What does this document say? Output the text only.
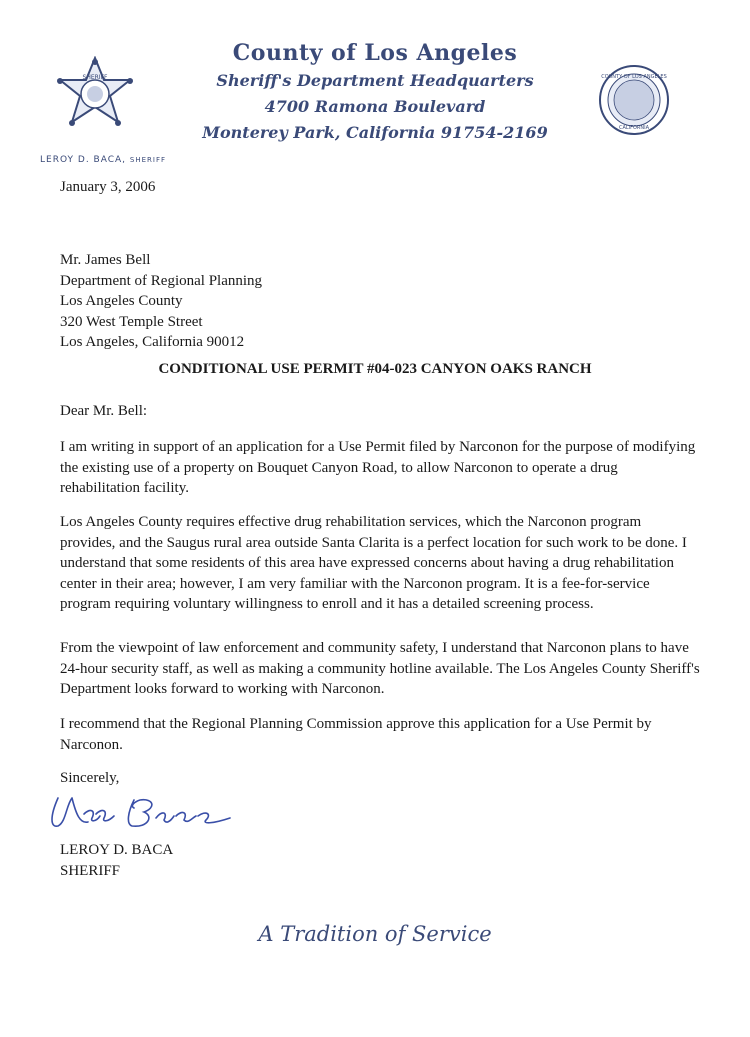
SHERIFF
LEROY D. BACA, SHERIFF
County of Los Angeles
Sheriff's Department Headquarters
4700 Ramona Boulevard
Monterey Park, California 91754-2169
COUNTY OF LOS ANGELES
CALIFORNIA
January 3, 2006
Mr. James Bell
Department of Regional Planning
Los Angeles County
320 West Temple Street
Los Angeles, California 90012
CONDITIONAL USE PERMIT #04-023 CANYON OAKS RANCH
Dear Mr. Bell:
I am writing in support of an application for a Use Permit filed by Narconon for the purpose of modifying the existing use of a property on Bouquet Canyon Road, to allow Narconon to operate a drug rehabilitation facility.
Los Angeles County requires effective drug rehabilitation services, which the Narconon program provides, and the Saugus rural area outside Santa Clarita is a perfect location for such work to be done. I understand that some residents of this area have expressed concerns about having a drug rehabilitation center in their area; however, I am very familiar with the Narconon program. It is a fee-for-service program requiring voluntary willingness to enroll and it has a detailed screening process.
From the viewpoint of law enforcement and community safety, I understand that Narconon plans to have 24-hour security staff, as well as making a community hotline available. The Los Angeles County Sheriff's Department looks forward to working with Narconon.
I recommend that the Regional Planning Commission approve this application for a Use Permit by Narconon.
Sincerely,
LEROY D. BACA
SHERIFF
A Tradition of Service
